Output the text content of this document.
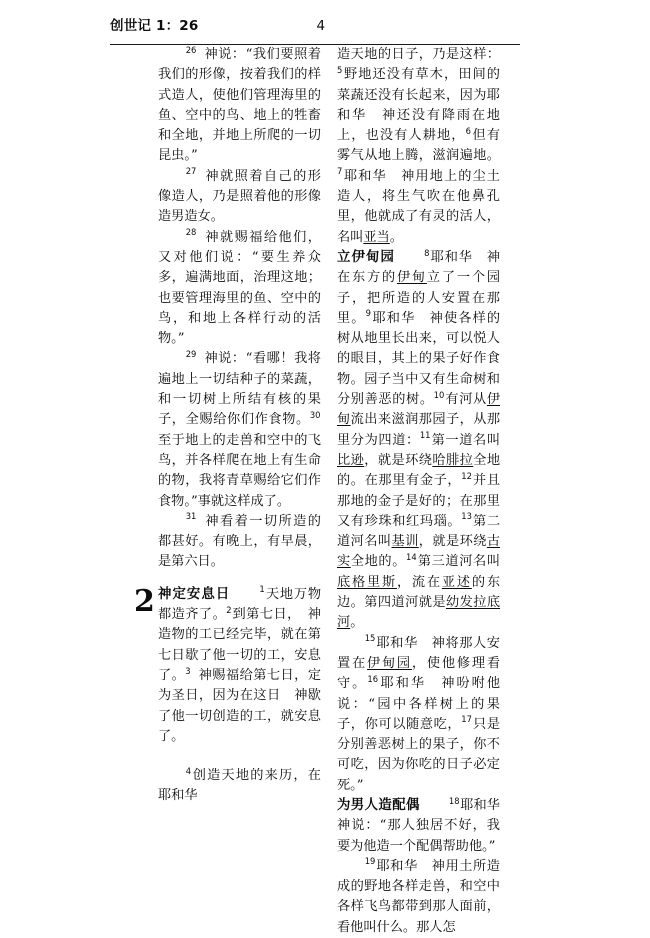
创世记 1：26	4

$^{26}$ 神说：“我们要照着我们的形像，按着我们的样式造人，使他们管理海里的鱼、空中的鸟、地上的牲畜和全地，并地上所爬的一切昆虫。”

$^{27}$ 神就照着自己的形像造人，乃是照着他的形像造男造女。

$^{28}$ 神就赐福给他们，又对他们说：“要生养众多，遍满地面，治理这地；也要管理海里的鱼、空中的鸟，和地上各样行动的活物。”

$^{29}$ 神说：“看哪！我将遍地上一切结种子的菜蔬，和一切树上所结有核的果子，全赐给你们作食物。$^{30}$至于地上的走兽和空中的飞鸟，并各样爬在地上有生命的物，我将青草赐给它们作食物。”事就这样成了。

$^{31}$ 神看着一切所造的都甚好。有晚上，有早晨，是第六日。

2 神定安息日	$^1$天地万物都造齐了。$^2$到第七日，　神造物的工已经完毕，就在第七日歇了他一切的工，安息了。$^3$ 神赐福给第七日，定为圣日，因为在这日　神歇了他一切创造的工，就安息了。

$^4$创造天地的来历，在耶和华

造天地的日子，乃是这样：$^5$野地还没有草木，田间的菜蔬还没有长起来，因为耶和华　神还没有降雨在地上，也没有人耕地，$^6$但有雾气从地上腾，滋润遍地。$^7$耶和华　神用地上的尘土造人，将生气吹在他鼻孔里，他就成了有灵的活人，名叫亚当。

立伊甸园	$^8$耶和华　神在东方的伊甸立了一个园子，把所造的人安置在那里。$^9$耶和华　神使各样的树从地里长出来，可以悦人的眼目，其上的果子好作食物。园子当中又有生命树和分别善恶的树。$^{10}$有河从伊甸流出来滋润那园子，从那里分为四道：$^{11}$第一道名叫比逊，就是环绕哈腓拉全地的。在那里有金子，$^{12}$并且那地的金子是好的；在那里又有珍珠和红玛瑙。$^{13}$第二道河名叫基训，就是环绕古实全地的。$^{14}$第三道河名叫底格里斯，流在亚述的东边。第四道河就是幼发拉底河。

$^{15}$耶和华　神将那人安置在伊甸园，使他修理看守。$^{16}$耶和华　神吩咐他说：“园中各样树上的果子，你可以随意吃，$^{17}$只是分别善恶树上的果子，你不可吃，因为你吃的日子必定死。”

为男人造配偶	$^{18}$耶和华　神说：“那人独居不好，我要为他造一个配偶帮助他。”

$^{19}$耶和华　神用土所造成的野地各样走兽，和空中各样飞鸟都带到那人面前，看他叫什么。那人怎
